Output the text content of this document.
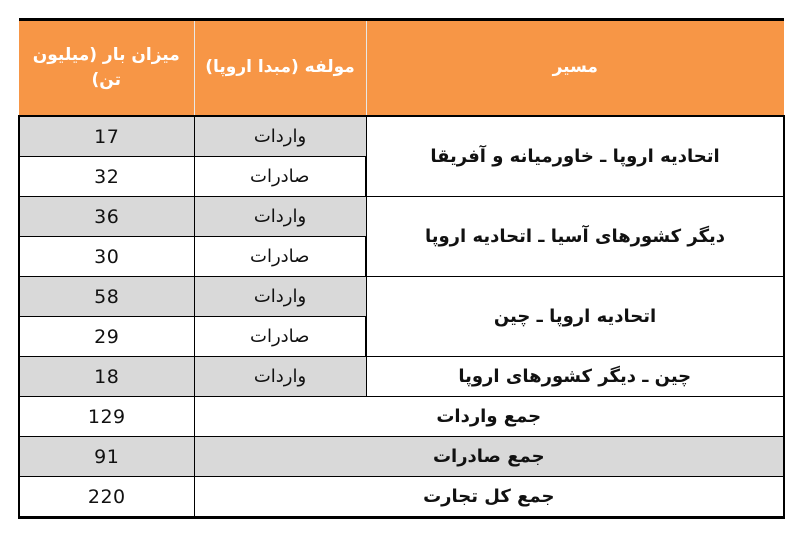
مسیر	مولفه (مبدا اروپا)	میزان بار (میلیون تن)
اتحادیه اروپا ـ خاورمیانه و آفریقا	واردات	17
	صادرات	32
دیگر کشورهای آسیا ـ اتحادیه اروپا	واردات	36
	صادرات	30
اتحادیه اروپا ـ چین	واردات	58
	صادرات	29
چین ـ دیگر کشورهای اروپا	واردات	18
جمع واردات		129
جمع صادرات		91
جمع کل تجارت		220
